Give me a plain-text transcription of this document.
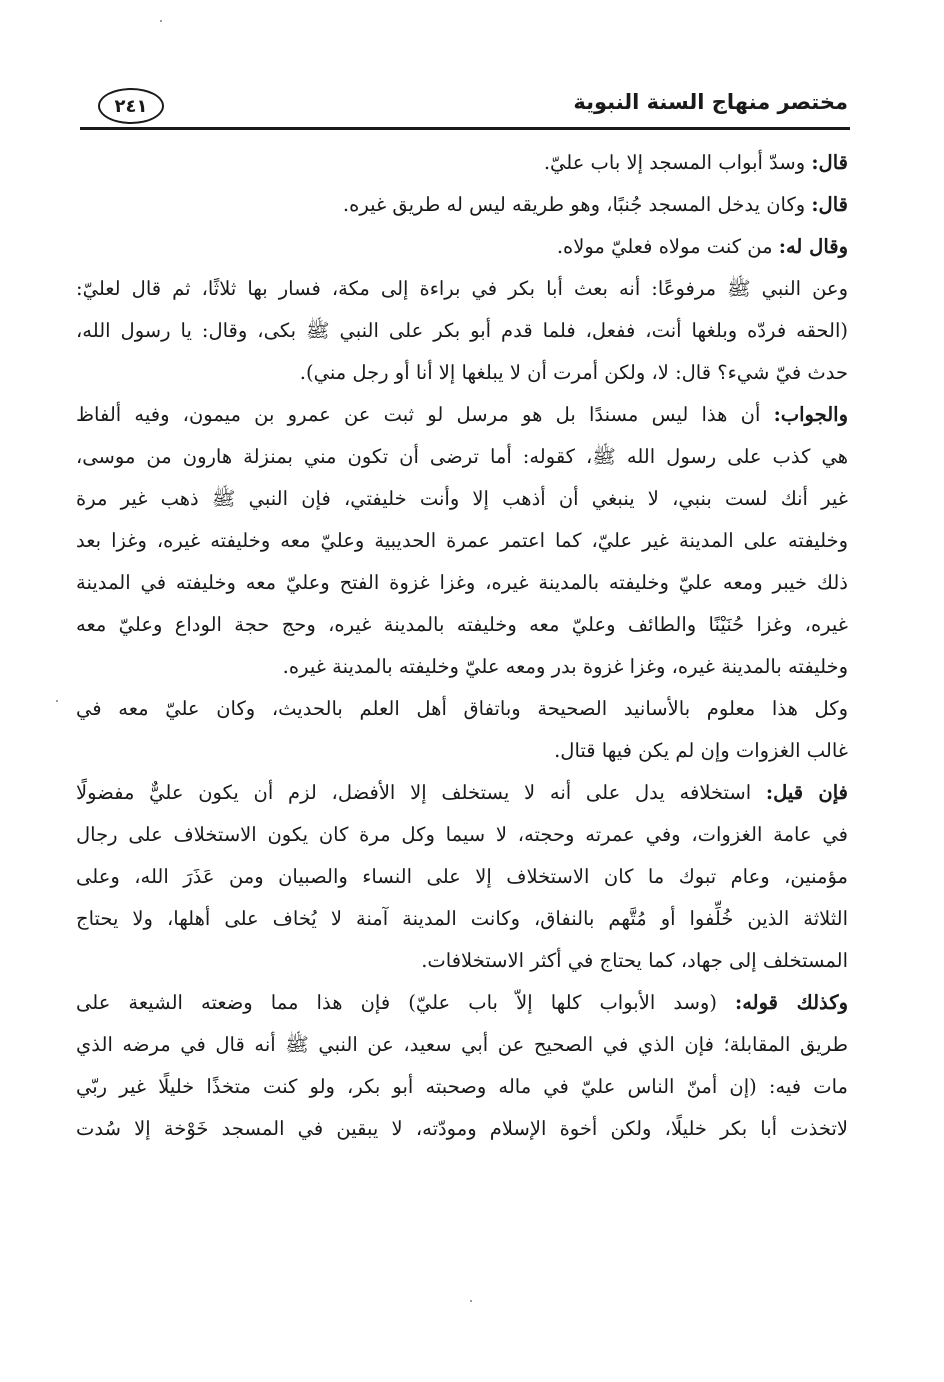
مختصر منهاج السنة النبوية
٢٤١
قال: وسدّ أبواب المسجد إلا باب عليّ.
قال: وكان يدخل المسجد جُنبًا، وهو طريقه ليس له طريق غيره.
وقال له: من كنت مولاه فعليّ مولاه.
وعن النبي ﷺ مرفوعًا: أنه بعث أبا بكر في براءة إلى مكة، فسار بها ثلاثًا، ثم قال لعليّ:
(الحقه فردّه وبلغها أنت، ففعل، فلما قدم أبو بكر على النبي ﷺ بكى، وقال: يا رسول الله،
حدث فيّ شيء؟ قال: لا، ولكن أمرت أن لا يبلغها إلا أنا أو رجل مني).
والجواب: أن هذا ليس مسندًا بل هو مرسل لو ثبت عن عمرو بن ميمون، وفيه ألفاظ
هي كذب على رسول الله ﷺ، كقوله: أما ترضى أن تكون مني بمنزلة هارون من موسى،
غير أنك لست بنبي، لا ينبغي أن أذهب إلا وأنت خليفتي، فإن النبي ﷺ ذهب غير مرة
وخليفته على المدينة غير عليّ، كما اعتمر عمرة الحديبية وعليّ معه وخليفته غيره، وغزا بعد
ذلك خيبر ومعه عليّ وخليفته بالمدينة غيره، وغزا غزوة الفتح وعليّ معه وخليفته في المدينة
غيره، وغزا حُنَيْنًا والطائف وعليّ معه وخليفته بالمدينة غيره، وحج حجة الوداع وعليّ معه
وخليفته بالمدينة غيره، وغزا غزوة بدر ومعه عليّ وخليفته بالمدينة غيره.
وكل هذا معلوم بالأسانيد الصحيحة وباتفاق أهل العلم بالحديث، وكان عليّ معه في
غالب الغزوات وإن لم يكن فيها قتال.
فإن قيل: استخلافه يدل على أنه لا يستخلف إلا الأفضل، لزم أن يكون عليٌّ مفضولًا
في عامة الغزوات، وفي عمرته وحجته، لا سيما وكل مرة كان يكون الاستخلاف على رجال
مؤمنين، وعام تبوك ما كان الاستخلاف إلا على النساء والصبيان ومن عَذَرَ الله، وعلى
الثلاثة الذين خُلِّفوا أو مُتَّهم بالنفاق، وكانت المدينة آمنة لا يُخاف على أهلها، ولا يحتاج
المستخلف إلى جهاد، كما يحتاج في أكثر الاستخلافات.
وكذلك قوله: (وسد الأبواب كلها إلاّ باب عليّ) فإن هذا مما وضعته الشيعة على
طريق المقابلة؛ فإن الذي في الصحيح عن أبي سعيد، عن النبي ﷺ أنه قال في مرضه الذي
مات فيه: (إن أمنّ الناس عليّ في ماله وصحبته أبو بكر، ولو كنت متخذًا خليلًا غير ربّي
لاتخذت أبا بكر خليلًا، ولكن أخوة الإسلام ومودّته، لا يبقين في المسجد خَوْخة إلا سُدت
